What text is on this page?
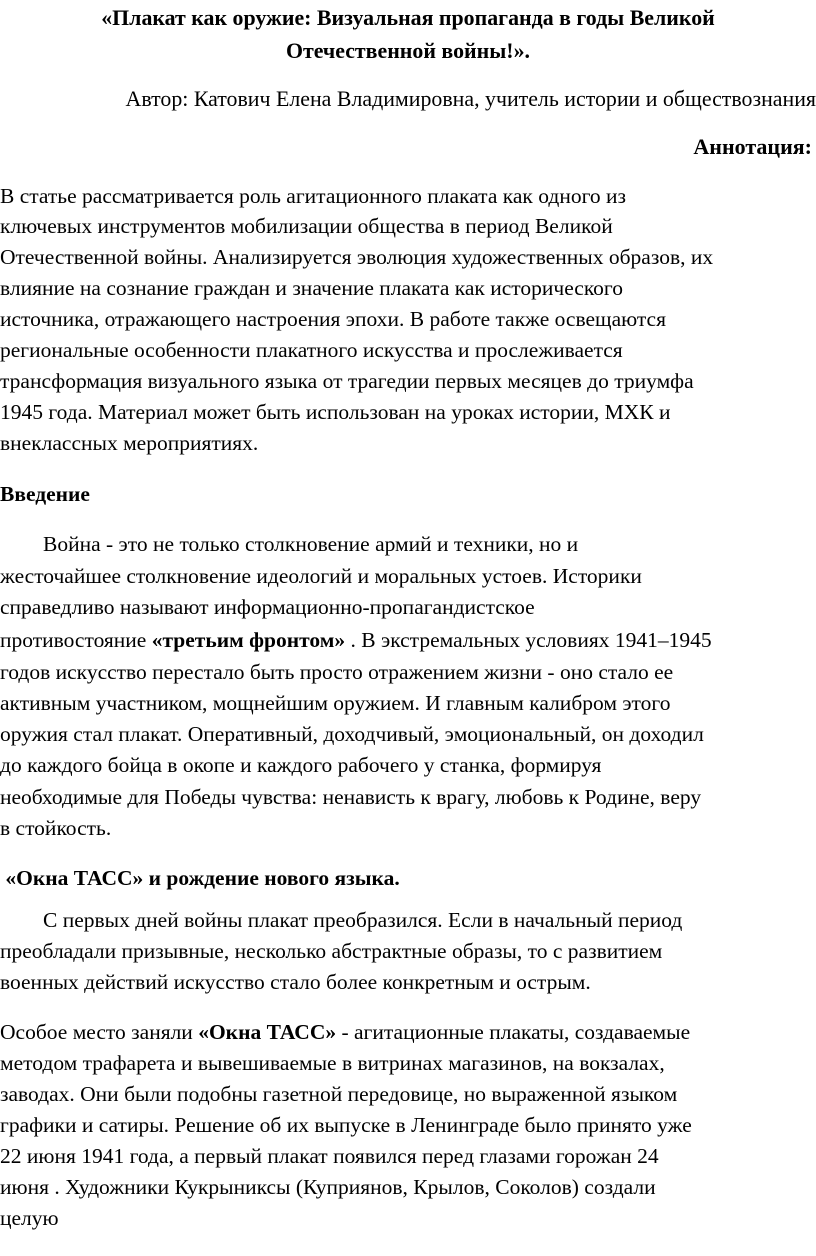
«Плакат как оружие: Визуальная пропаганда в годы Великой
Отечественной войны!».
Автор: Катович Елена Владимировна, учитель истории и обществознания
Аннотация:
В статье рассматривается роль агитационного плаката как одного из
ключевых инструментов мобилизации общества в период Великой
Отечественной войны. Анализируется эволюция художественных образов, их
влияние на сознание граждан и значение плаката как исторического
источника, отражающего настроения эпохи. В работе также освещаются
региональные особенности плакатного искусства и прослеживается
трансформация визуального языка от трагедии первых месяцев до триумфа
1945 года. Материал может быть использован на уроках истории, МХК и
внеклассных мероприятиях.
Введение
Война - это не только столкновение армий и техники, но и
жесточайшее столкновение идеологий и моральных устоев. Историки
справедливо называют информационно-пропагандистское
противостояние «третьим фронтом» . В экстремальных условиях 1941–1945
годов искусство перестало быть просто отражением жизни - оно стало ее
активным участником, мощнейшим оружием. И главным калибром этого
оружия стал плакат. Оперативный, доходчивый, эмоциональный, он доходил
до каждого бойца в окопе и каждого рабочего у станка, формируя
необходимые для Победы чувства: ненависть к врагу, любовь к Родине, веру
в стойкость.
«Окна ТАСС» и рождение нового языка.
С первых дней войны плакат преобразился. Если в начальный период
преобладали призывные, несколько абстрактные образы, то с развитием
военных действий искусство стало более конкретным и острым.
Особое место заняли «Окна ТАСС» - агитационные плакаты, создаваемые
методом трафарета и вывешиваемые в витринах магазинов, на вокзалах,
заводах. Они были подобны газетной передовице, но выраженной языком
графики и сатиры. Решение об их выпуске в Ленинграде было принято уже
22 июня 1941 года, а первый плакат появился перед глазами горожан 24
июня . Художники Кукрыниксы (Куприянов, Крылов, Соколов) создали
целую
